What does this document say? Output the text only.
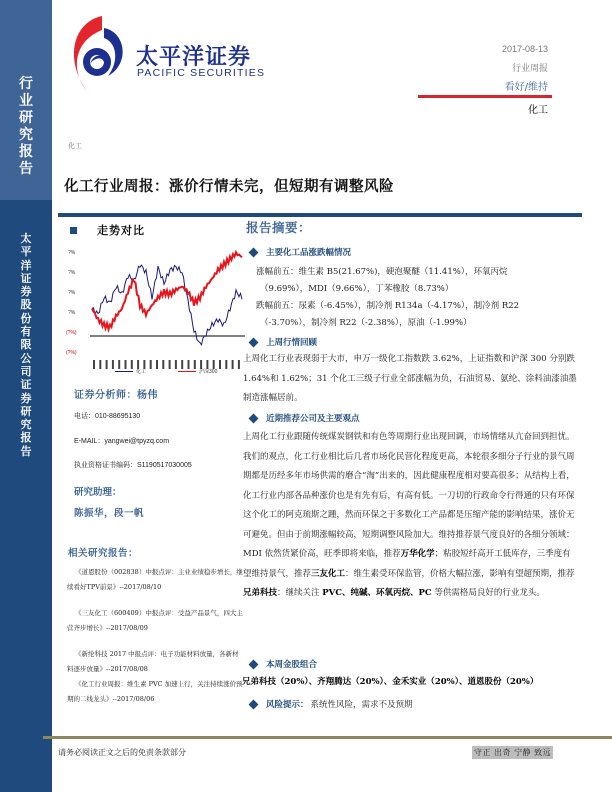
行业研究报告
太平洋证券股份有限公司证券研究报告
太平洋证券
PACIFIC SECURITIES
2017-08-13
行业周报
看好/维持
化工
化工
化工行业周报：涨价行情未完，但短期有调整风险
走势对比
?%
?%
?%
?%
(?%)
(?%)
化工	沪深300
证券分析师：杨伟
电话：010-88695130
E-MAIL：yangwei@tpyzq.com
执业资格证书编码：S1190517030005
研究助理：
陈振华，段一帆
相关研究报告：
《道恩股份（002838）中报点评：主业业绩稳步增长，继续看好TPV前景》--2017/08/10
《三友化工（600409）中报点评：受益产品景气，四大主营齐步增长》--2017/08/09
《新纶科技 2017 中报点评：电子功能材料放量，各新材料逐步放量》--2017/08/08
《化工行业周报：维生素 PVC 加速上行，关注持续涨价预期的二线龙头》--2017/08/06
报告摘要：
主要化工品涨跌幅情况
涨幅前五：维生素 B5(21.67%)，硬泡聚醚（11.41%），环氧丙烷
（9.69%），MDI（9.66%），丁苯橡胶（8.73%）
跌幅前五：尿素（-6.45%），制冷剂 R134a（-4.17%），制冷剂 R22
（-3.70%），制冷剂 R22（-2.38%），原油（-1.99%）
上周行情回顾
上周化工行业表现弱于大市，申万一级化工指数跌 3.62%，上证指数和沪深 300 分别跌 1.64%和 1.62%；31 个化工三级子行业全部涨幅为负，石油贸易、氨纶、涂料油漆油墨制造涨幅居前。
近期推荐公司及主要观点
上周化工行业跟随传统煤炭钢铁和有色等周期行业出现回调，市场情绪从亢奋回到担忧。我们的观点，化工行业相比后几者市场化民营化程度更高，本轮很多细分子行业的景气周期都是历经多年市场供需的磨合“淘”出来的，因此健康程度相对要高很多；从结构上看，化工行业内部各品种涨价也是有先有后，有高有低。一刀切的行政命令行得通的只有环保这个化工的阿克琉斯之踵，然而环保之于多数化工产品都是压缩产能的影响结果，涨价无可避免。但由于前期涨幅较高，短期调整风险加大。维持推荐景气度良好的各细分领域：MDI 依然货紧价高，旺季即将来临，推荐万华化学；粘胶短纤高开工低库存，三季度有望维持景气，推荐三友化工：维生素受环保监管，价格大幅拉涨，影响有望超预期，推荐兄弟科技：继续关注 PVC、纯碱、环氧丙烷、PC 等供需格局良好的行业龙头。
本周金股组合
兄弟科技（20%）、齐翔腾达（20%）、金禾实业（20%）、道恩股份（20%）
风险提示： 系统性风险，需求不及预期
请务必阅读正文之后的免责条款部分	守正 出奇 宁静 致远
